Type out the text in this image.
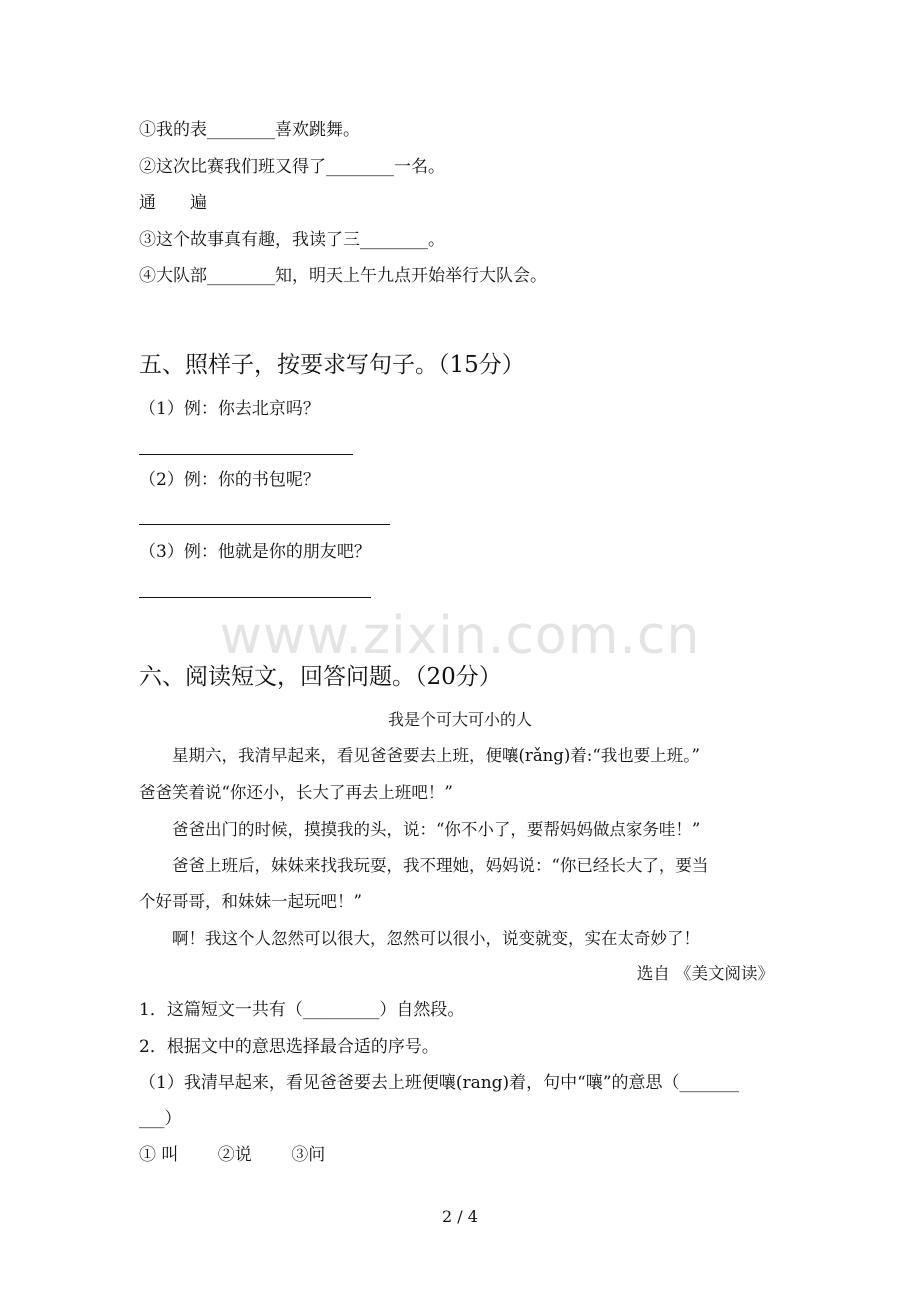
①我的表________喜欢跳舞。
②这次比赛我们班又得了________一名。
通　　遍
③这个故事真有趣，我读了三________。
④大队部________知，明天上午九点开始举行大队会。
五、照样子，按要求写句子。（15分）
（1）例：你去北京吗？
（2）例：你的书包呢？
（3）例：他就是你的朋友吧？
www.zixin.com.cn
六、阅读短文，回答问题。（20分）
我是个可大可小的人
星期六，我清早起来，看见爸爸要去上班，便嚷(rǎng)着:“我也要上班。”
爸爸笑着说“你还小，长大了再去上班吧！”
爸爸出门的时候，摸摸我的头，说：“你不小了，要帮妈妈做点家务哇！”
爸爸上班后，妹妹来找我玩耍，我不理她，妈妈说：“你已经长大了，要当
个好哥哥，和妹妹一起玩吧！”
啊！我这个人忽然可以很大，忽然可以很小，说变就变，实在太奇妙了！
选自 《美文阅读》
1．这篇短文一共有（_________）自然段。
2．根据文中的意思选择最合适的序号。
（1）我清早起来，看见爸爸要去上班便嚷(rang)着，句中“嚷”的意思（_______
___）
① 叫　　 ②说　　 ③问
2 / 4
